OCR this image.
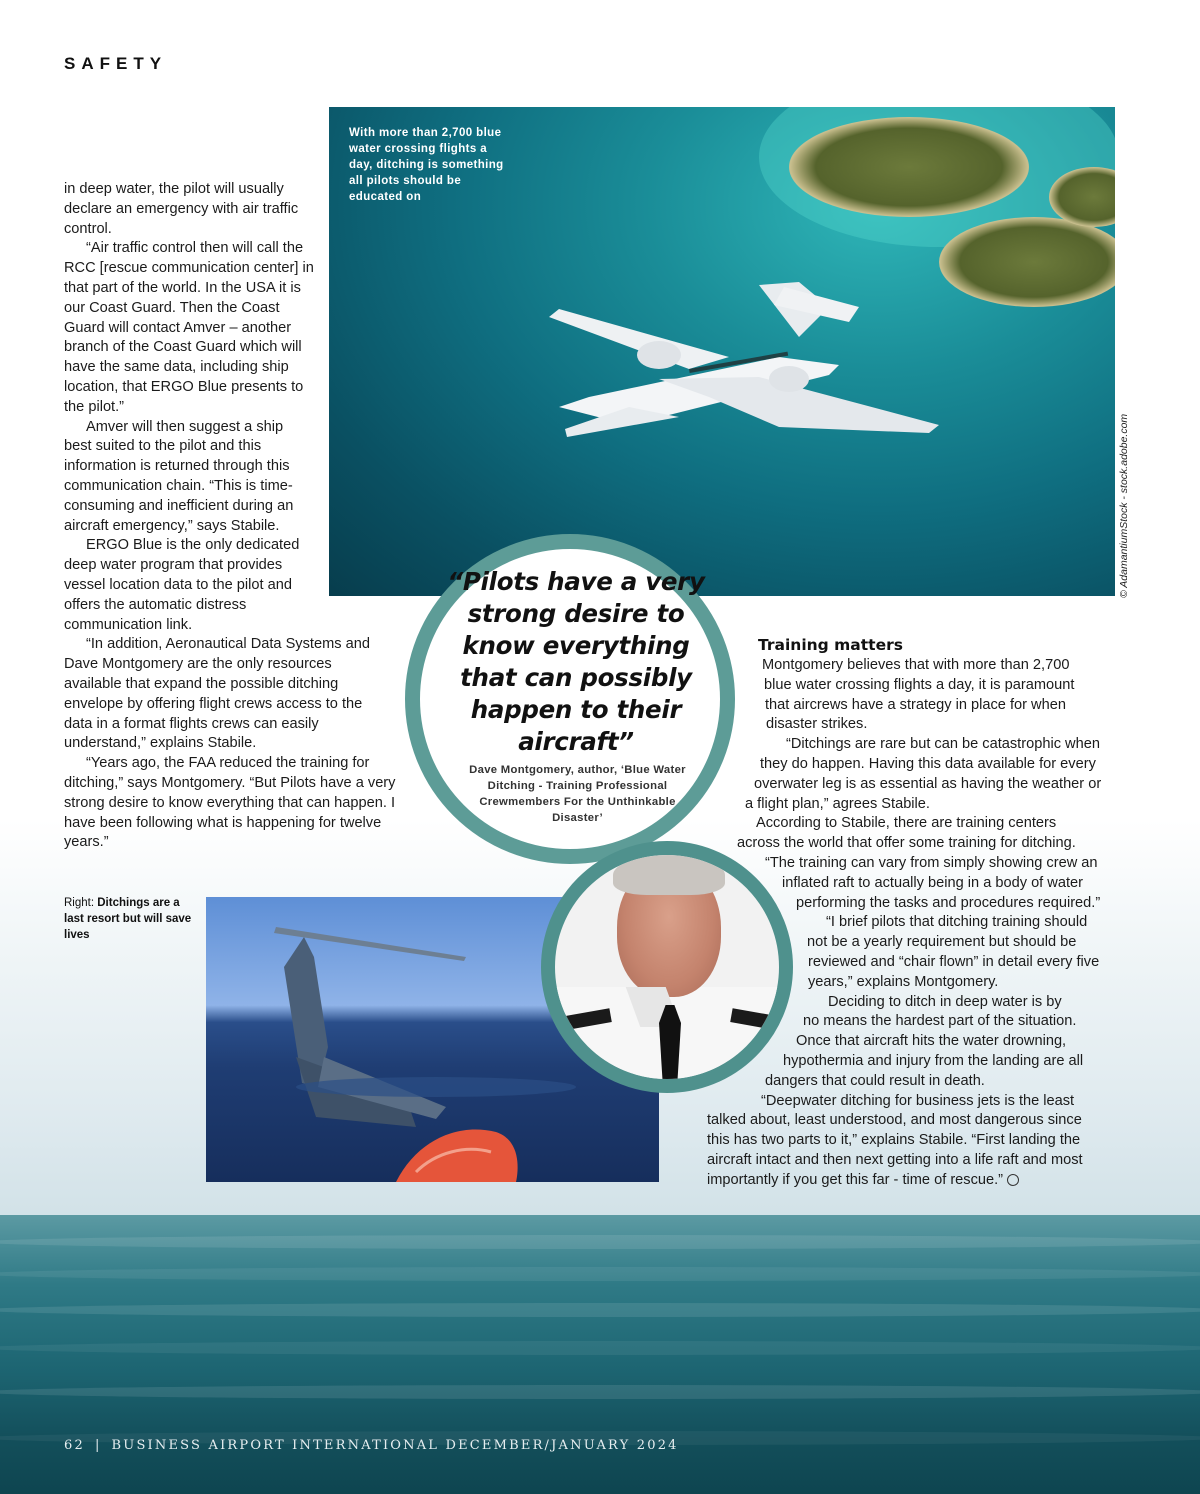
SAFETY
With more than 2,700 blue water crossing flights a day, ditching is something all pilots should be educated on
© AdamantiumStock - stock.adobe.com

in deep water, the pilot will usually declare an emergency with air traffic control.

“Air traffic control then will call the RCC [rescue communication center] in that part of the world. In the USA it is our Coast Guard. Then the Coast Guard will contact Amver – another branch of the Coast Guard which will have the same data, including ship location, that ERGO Blue presents to the pilot.”

Amver will then suggest a ship best suited to the pilot and this information is returned through this communication chain. “This is time-consuming and inefficient during an aircraft emergency,” says Stabile.

ERGO Blue is the only dedicated deep water program that provides vessel location data to the pilot and offers the automatic distress communication link.

“In addition, Aeronautical Data Systems and Dave Montgomery are the only resources available that expand the possible ditching envelope by offering flight crews access to the data in a format flights crews can easily understand,” explains Stabile.

“Years ago, the FAA reduced the training for ditching,” says Montgomery. “But Pilots have a very strong desire to know everything that can happen. I have been following what is happening for twelve years.”

“Pilots have a very strong desire to know everything that can possibly happen to their aircraft”
Dave Montgomery, author, ‘Blue Water Ditching - Training Professional Crewmembers For the Unthinkable Disaster’
Training matters
Montgomery believes that with more than 2,700
blue water crossing flights a day, it is paramount
that aircrews have a strategy in place for when
disaster strikes.
“Ditchings are rare but can be catastrophic when
they do happen. Having this data available for every
overwater leg is as essential as having the weather or
a flight plan,” agrees Stabile.
According to Stabile, there are training centers
across the world that offer some training for ditching.
“The training can vary from simply showing crew an
inflated raft to actually being in a body of water
performing the tasks and procedures required.”
“I brief pilots that ditching training should
not be a yearly requirement but should be
reviewed and “chair flown” in detail every five
years,” explains Montgomery.
Deciding to ditch in deep water is by
no means the hardest part of the situation.
Once that aircraft hits the water drowning,
hypothermia and injury from the landing are all
dangers that could result in death.
“Deepwater ditching for business jets is the least
talked about, least understood, and most dangerous since
this has two parts to it,” explains Stabile. “First landing the
aircraft intact and then next getting into a life raft and most
importantly if you get this far - time of rescue.”
Right: Ditchings are a last resort but will save lives
62 | BUSINESS AIRPORT INTERNATIONAL DECEMBER/JANUARY 2024
